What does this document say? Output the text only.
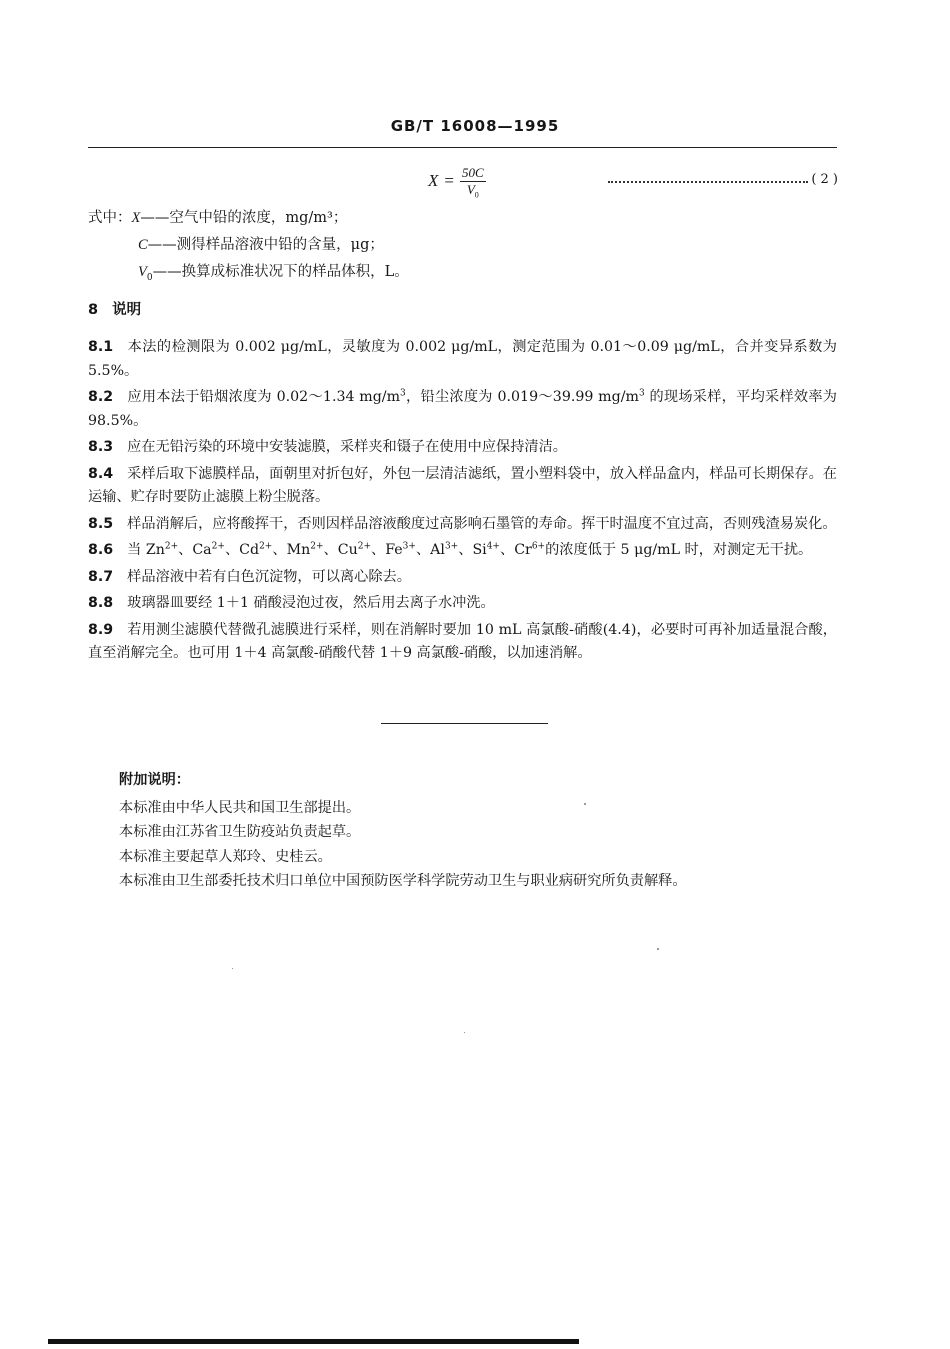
GB/T 16008—1995
$X = \frac{50C}{V_0}$	( 2 )
式中：X——空气中铅的浓度，mg/m³；
C——测得样品溶液中铅的含量，μg；
$V_0——$换算成标准状况下的样品体积，L。
8 说明
8.1 本法的检测限为 0.002 μg/mL，灵敏度为 0.002 μg/mL，测定范围为 0.01～0.09 μg/mL，合并变异系数为 5.5%。
8.2 应用本法于铅烟浓度为 0.02～1.34 $mg/m^3$，铅尘浓度为 0.019～39.99 $mg/m^3$ 的现场采样，平均采样效率为 98.5%。
8.3 应在无铅污染的环境中安装滤膜，采样夹和镊子在使用中应保持清洁。
8.4 采样后取下滤膜样品，面朝里对折包好，外包一层清洁滤纸，置小塑料袋中，放入样品盒内，样品可长期保存。在运输、贮存时要防止滤膜上粉尘脱落。
8.5 样品消解后，应将酸挥干，否则因样品溶液酸度过高影响石墨管的寿命。挥干时温度不宜过高，否则残渣易炭化。
8.6 当 $Zn^{2+}$、$Ca^{2+}$、$Cd^{2+}$、$Mn^{2+}$、$Cu^{2+}$、$Fe^{3+}$、$Al^{3+}$、$Si^{4+}$、$Cr^{6+}$的浓度低于 5 μg/mL 时，对测定无干扰。
8.7 样品溶液中若有白色沉淀物，可以离心除去。
8.8 玻璃器皿要经 1＋1 硝酸浸泡过夜，然后用去离子水冲洗。
8.9 若用测尘滤膜代替微孔滤膜进行采样，则在消解时要加 10 mL 高氯酸-硝酸(4.4)，必要时可再补加适量混合酸，直至消解完全。也可用 1＋4 高氯酸-硝酸代替 1＋9 高氯酸-硝酸，以加速消解。
附加说明：
本标准由中华人民共和国卫生部提出。
本标准由江苏省卫生防疫站负责起草。
本标准主要起草人郑玲、史桂云。
本标准由卫生部委托技术归口单位中国预防医学科学院劳动卫生与职业病研究所负责解释。
